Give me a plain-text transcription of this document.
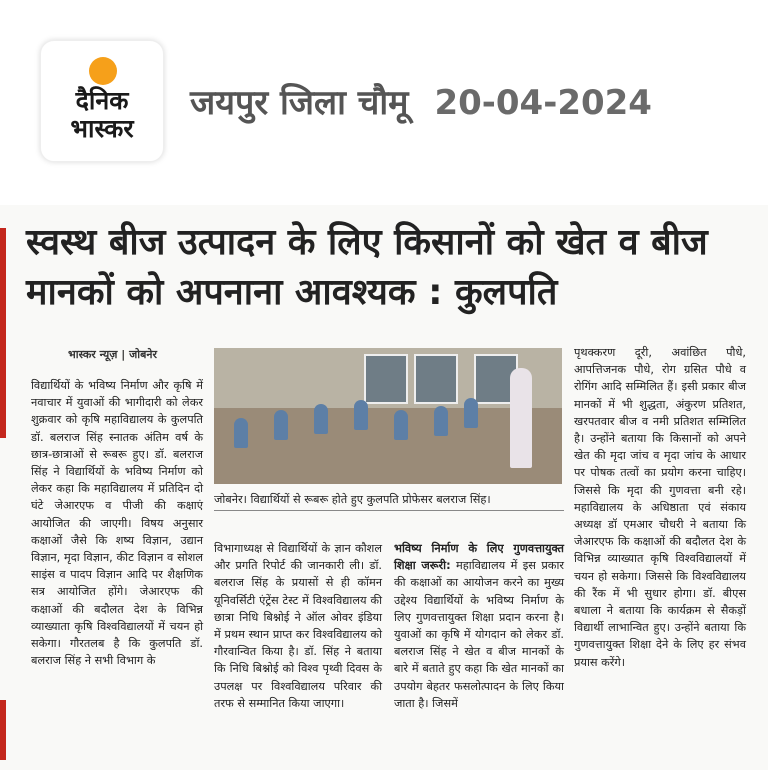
दैनिक
भास्कर
जयपुर जिला चौमू 20-04-2024
स्वस्थ बीज उत्पादन के लिए किसानों को खेत व बीज मानकों को अपनाना आवश्यक : कुलपति
भास्कर न्यूज़ | जोबनेर
विद्यार्थियों के भविष्य निर्माण और कृषि में नवाचार में युवाओं की भागीदारी को लेकर शुक्रवार को कृषि महाविद्यालय के कुलपति डॉ. बलराज सिंह स्नातक अंतिम वर्ष के छात्र-छात्राओं से रूबरू हुए। डॉ. बलराज सिंह ने विद्यार्थियों के भविष्य निर्माण को लेकर कहा कि महाविद्यालय में प्रतिदिन दो घंटे जेआरएफ व पीजी की कक्षाएं आयोजित की जाएगी। विषय अनुसार कक्षाओं जैसे कि शष्य विज्ञान, उद्यान विज्ञान, मृदा विज्ञान, कीट विज्ञान व सोशल साइंस व पादप विज्ञान आदि पर शैक्षणिक सत्र आयोजित होंगे। जेआरएफ की कक्षाओं की बदौलत देश के विभिन्न व्याख्याता कृषि विश्वविद्यालयों में चयन हो सकेगा। गौरतलब है कि कुलपति डॉ. बलराज सिंह ने सभी विभाग के
जोबनेर। विद्यार्थियों से रूबरू होते हुए कुलपति प्रोफेसर बलराज सिंह।
विभागाध्यक्ष से विद्यार्थियों के ज्ञान कौशल और प्रगति रिपोर्ट की जानकारी ली। डॉ. बलराज सिंह के प्रयासों से ही कॉमन यूनिवर्सिटी एंट्रेंस टेस्ट में विश्वविद्यालय की छात्रा निधि बिश्नोई ने ऑल ओवर इंडिया में प्रथम स्थान प्राप्त कर विश्वविद्यालय को गौरवान्वित किया है। डॉ. सिंह ने बताया कि निधि बिश्नोई को विश्व पृथ्वी दिवस के उपलक्ष पर विश्वविद्यालय परिवार की तरफ से सम्मानित किया जाएगा।
भविष्य निर्माण के लिए गुणवत्तायुक्त शिक्षा जरूरी: महाविद्यालय में इस प्रकार की कक्षाओं का आयोजन करने का मुख्य उद्देश्य विद्यार्थियों के भविष्य निर्माण के लिए गुणवत्तायुक्त शिक्षा प्रदान करना है। युवाओं का कृषि में योगदान को लेकर डॉ. बलराज सिंह ने खेत व बीज मानकों के बारे में बताते हुए कहा कि खेत मानकों का उपयोग बेहतर फसलोत्पादन के लिए किया जाता है। जिसमें
पृथक्करण दूरी, अवांछित पौधे, आपत्तिजनक पौधे, रोग ग्रसित पौधे व रोगिंग आदि सम्मिलित हैं। इसी प्रकार बीज मानकों में भी शुद्धता, अंकुरण प्रतिशत, खरपतवार बीज व नमी प्रतिशत सम्मिलित है। उन्होंने बताया कि किसानों को अपने खेत की मृदा जांच व मृदा जांच के आधार पर पोषक तत्वों का प्रयोग करना चाहिए। जिससे कि मृदा की गुणवत्ता बनी रहे। महाविद्यालय के अधिष्ठाता एवं संकाय अध्यक्ष डॉ एमआर चौधरी ने बताया कि जेआरएफ कि कक्षाओं की बदौलत देश के विभिन्न व्याख्यात कृषि विश्वविद्यालयों में चयन हो सकेगा। जिससे कि विश्वविद्यालय की रैंक में भी सुधार होगा। डॉ. बीएस बधाला ने बताया कि कार्यक्रम से सैकड़ों विद्यार्थी लाभान्वित हुए। उन्होंने बताया कि गुणवत्तायुक्त शिक्षा देने के लिए हर संभव प्रयास करेंगे।
